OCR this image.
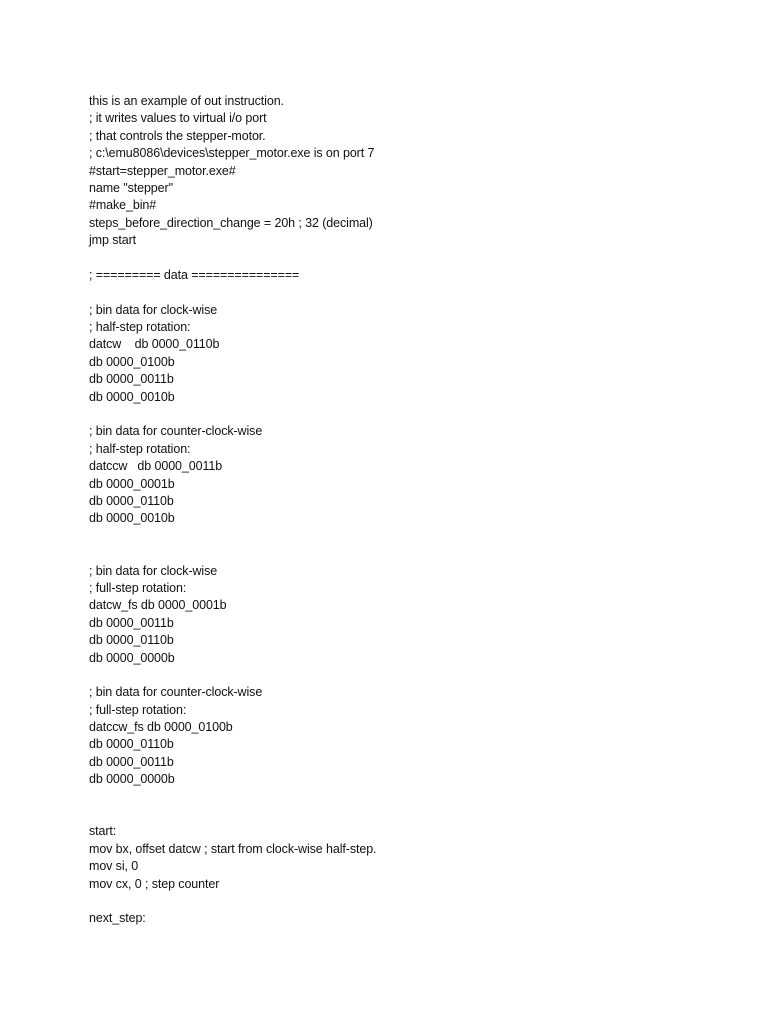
this is an example of out instruction.
; it writes values to virtual i/o port
; that controls the stepper-motor.
; c:\emu8086\devices\stepper_motor.exe is on port 7
#start=stepper_motor.exe#
name "stepper"
#make_bin#
steps_before_direction_change = 20h ; 32 (decimal)
jmp start
; ========= data ===============
; bin data for clock-wise
; half-step rotation:
datcw    db 0000_0110b
db 0000_0100b
db 0000_0011b
db 0000_0010b
; bin data for counter-clock-wise
; half-step rotation:
datccw   db 0000_0011b
db 0000_0001b
db 0000_0110b
db 0000_0010b
; bin data for clock-wise
; full-step rotation:
datcw_fs db 0000_0001b
db 0000_0011b
db 0000_0110b
db 0000_0000b
; bin data for counter-clock-wise
; full-step rotation:
datccw_fs db 0000_0100b
db 0000_0110b
db 0000_0011b
db 0000_0000b
start:
mov bx, offset datcw ; start from clock-wise half-step.
mov si, 0
mov cx, 0 ; step counter
next_step:
